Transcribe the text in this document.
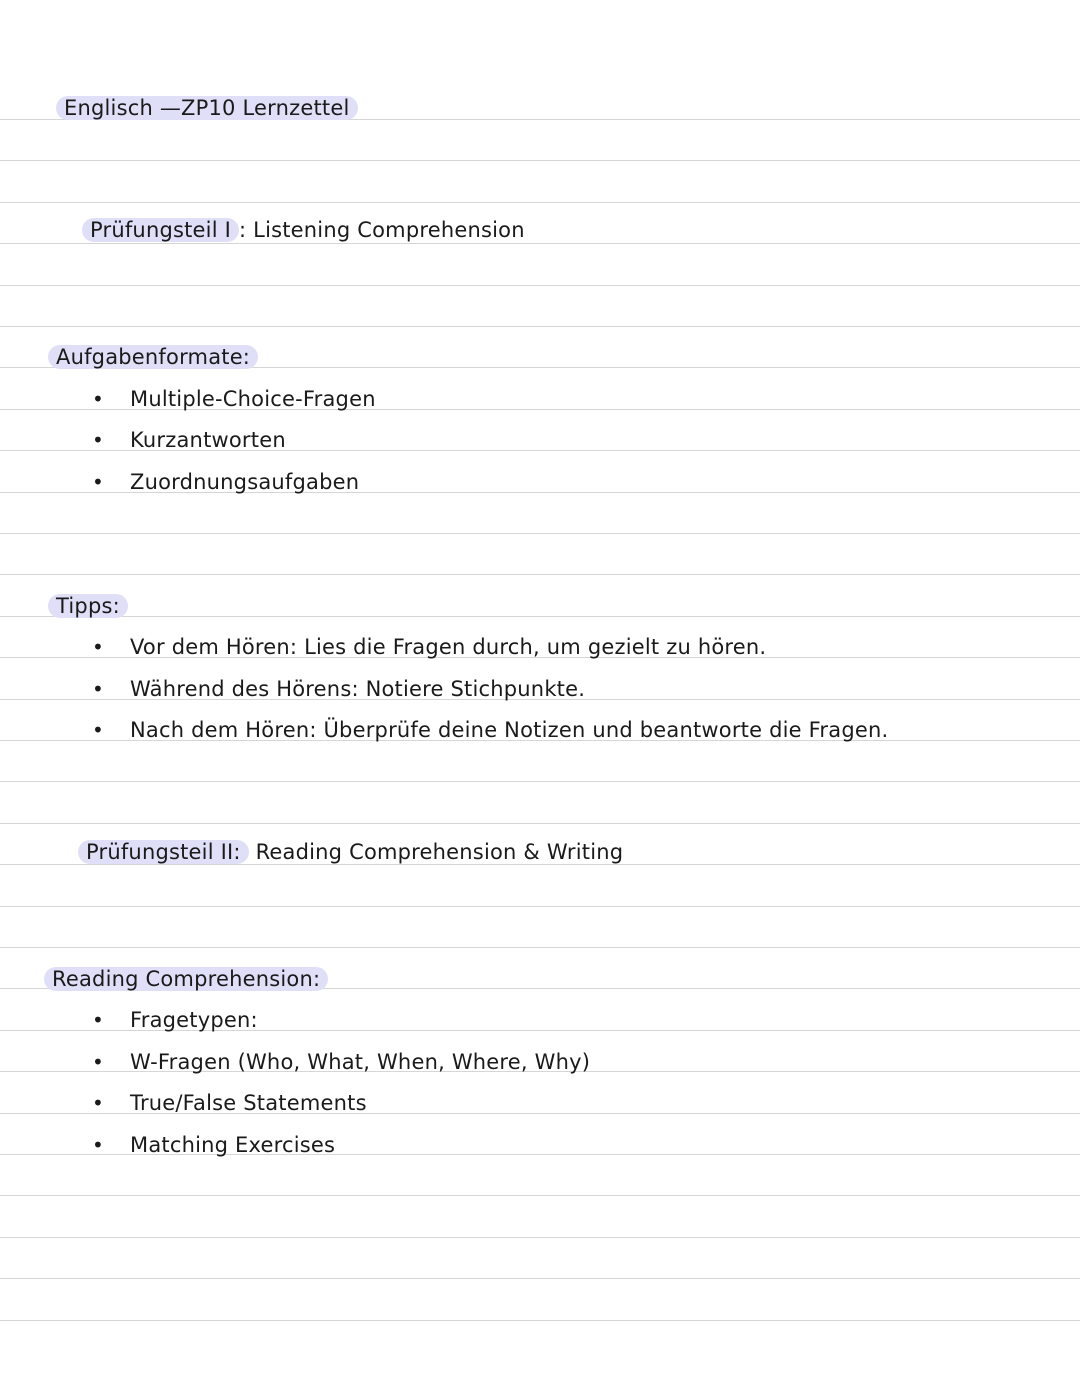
Englisch —ZP10 Lernzettel
Prüfungsteil I : Listening Comprehension
Aufgabenformate:
Tipps:
Prüfungsteil II: Reading Comprehension & Writing
Reading Comprehension:
• Multiple-Choice-Fragen
• Kurzantworten
• Zuordnungsaufgaben
• Vor dem Hören: Lies die Fragen durch, um gezielt zu hören.
• Während des Hörens: Notiere Stichpunkte.
• Nach dem Hören: Überprüfe deine Notizen und beantworte die Fragen.
• Fragetypen:
• W-Fragen (Who, What, When, Where, Why)
• True/False Statements
• Matching Exercises
